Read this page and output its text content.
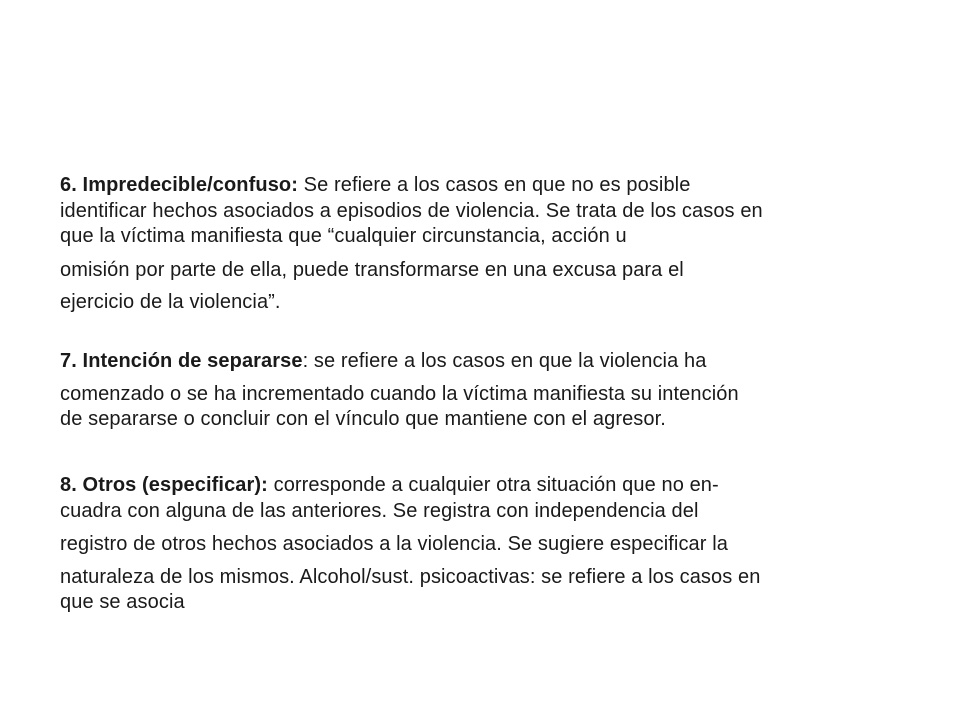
6. Impredecible/confuso: Se refiere a los casos en que no es posible

identificar hechos asociados a episodios de violencia. Se trata de los casos en

que la víctima manifiesta que “cualquier circunstancia, acción u

omisión por parte de ella, puede transformarse en una excusa para el

ejercicio de la violencia”.

7. Intención de separarse: se refiere a los casos en que la violencia ha

comenzado o se ha incrementado cuando la víctima manifiesta su intención

de separarse o concluir con el vínculo que mantiene con el agresor.

8. Otros (especificar): corresponde a cualquier otra situación que no en-

cuadra con alguna de las anteriores. Se registra con independencia del

registro de otros hechos asociados a la violencia. Se sugiere especificar la

naturaleza de los mismos. Alcohol/sust. psicoactivas: se refiere a los casos en

que se asocia
